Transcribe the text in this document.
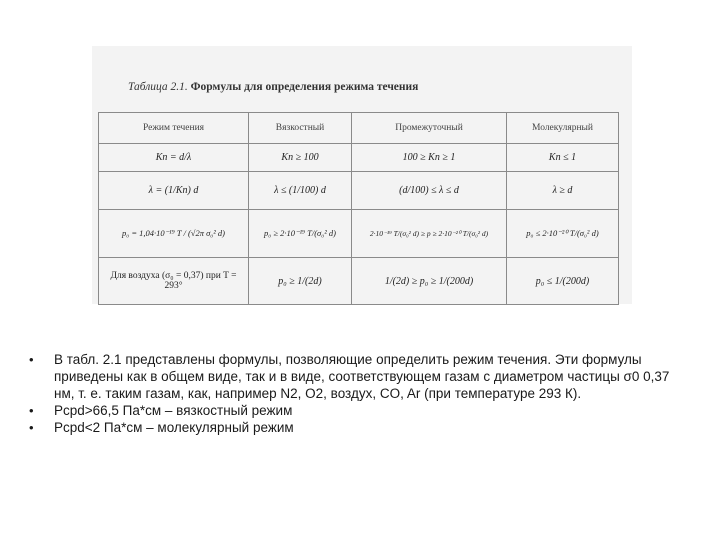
Таблица 2.1. Формулы для определения режима течения
Режим течения	Вязкостный	Промежуточный	Молекулярный
Kn = d/λ	Kn ≥ 100	100 ≥ Kn ≥ 1	Kn ≤ 1
λ = (1/Kn) d	λ ≤ (1/100) d	(d/100) ≤ λ ≤ d	λ ≥ d
p₀ = 1,04·10⁻¹⁹ T / (√2π σ₀² d)	p₀ ≥ 2·10⁻¹⁹ T/(σ₀² d)	2·10⁻¹⁹ T/(σ₀² d) ≥ p ≥ 2·10⁻²⁰ T/(σ₀² d)	p₀ ≤ 2·10⁻²⁰ T/(σ₀² d)
Для воздуха (σ₀ = 0,37) при T = 293°	p₀ ≥ 1/(2d)	1/(2d) ≥ p₀ ≥ 1/(200d)	p₀ ≤ 1/(200d)
• В табл. 2.1 представлены формулы, позволяющие определить режим течения. Эти формулы приведены как в общем виде, так и в виде, соответствующем газам с диаметром частицы σ0 0,37 нм, т. е. таким газам, как, например N2, O2, воздух, CO, Ar (при температуре 293 К).
• Рсрd>66,5 Па*см – вязкостный режим
• Рсрd<2 Па*см – молекулярный режим
